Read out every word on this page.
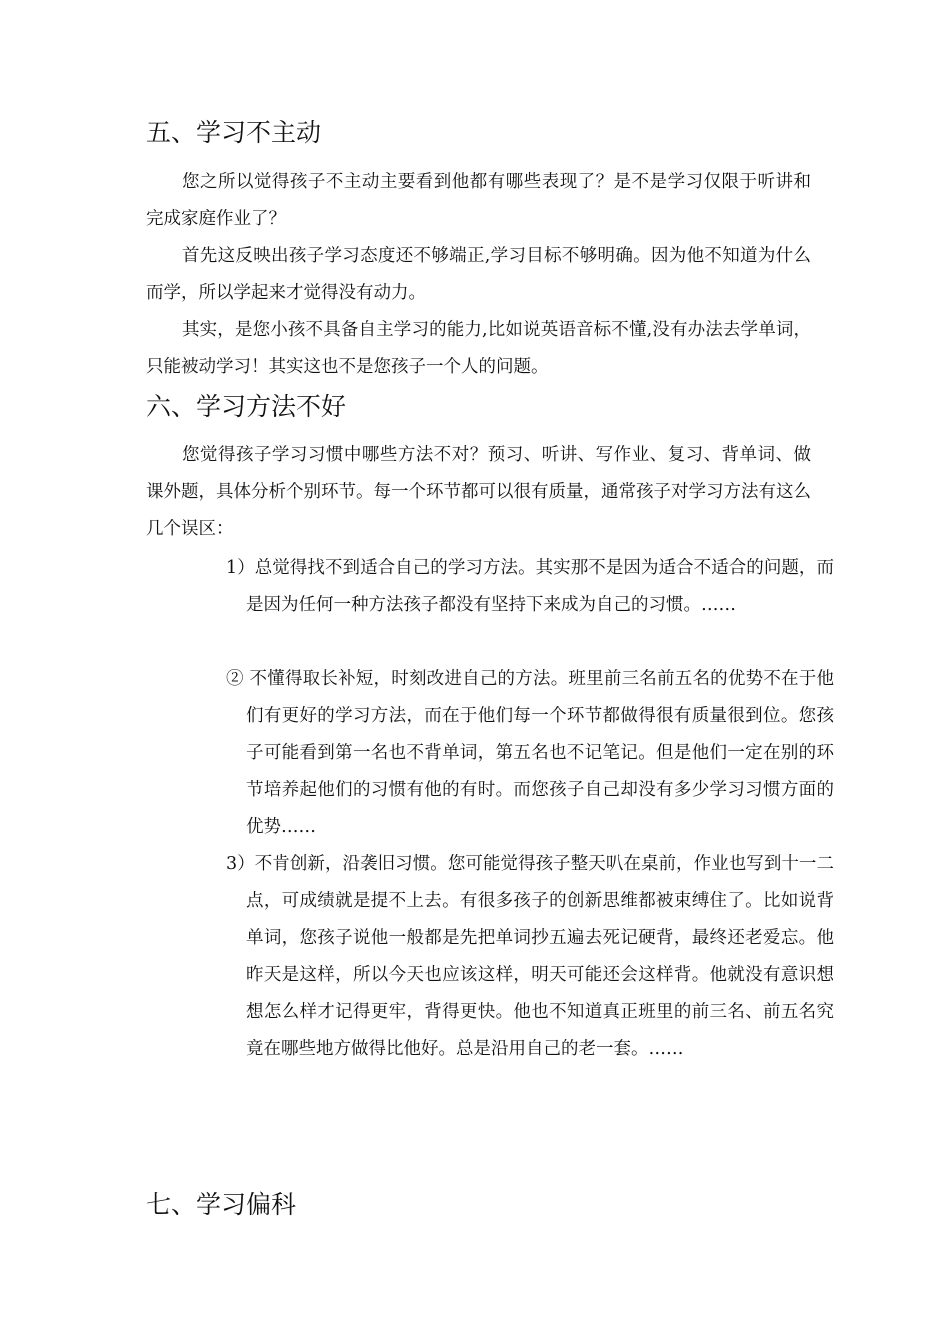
五、学习不主动

您之所以觉得孩子不主动主要看到他都有哪些表现了？是不是学习仅限于听讲和完成家庭作业了？

首先这反映出孩子学习态度还不够端正,学习目标不够明确。因为他不知道为什么而学，所以学起来才觉得没有动力。

其实，是您小孩不具备自主学习的能力,比如说英语音标不懂,没有办法去学单词，只能被动学习！其实这也不是您孩子一个人的问题。

六、学习方法不好

您觉得孩子学习习惯中哪些方法不对？预习、听讲、写作业、复习、背单词、做课外题，具体分析个别环节。每一个环节都可以很有质量，通常孩子对学习方法有这么几个误区：

1）总觉得找不到适合自己的学习方法。其实那不是因为适合不适合的问题，而是因为任何一种方法孩子都没有坚持下来成为自己的习惯。……

② 不懂得取长补短，时刻改进自己的方法。班里前三名前五名的优势不在于他们有更好的学习方法，而在于他们每一个环节都做得很有质量很到位。您孩子可能看到第一名也不背单词，第五名也不记笔记。但是他们一定在别的环节培养起他们的习惯有他的有时。而您孩子自己却没有多少学习习惯方面的优势……

3）不肯创新，沿袭旧习惯。您可能觉得孩子整天叭在桌前，作业也写到十一二点，可成绩就是提不上去。有很多孩子的创新思维都被束缚住了。比如说背单词，您孩子说他一般都是先把单词抄五遍去死记硬背，最终还老爱忘。他昨天是这样，所以今天也应该这样，明天可能还会这样背。他就没有意识想想怎么样才记得更牢，背得更快。他也不知道真正班里的前三名、前五名究竟在哪些地方做得比他好。总是沿用自己的老一套。……

七、学习偏科
